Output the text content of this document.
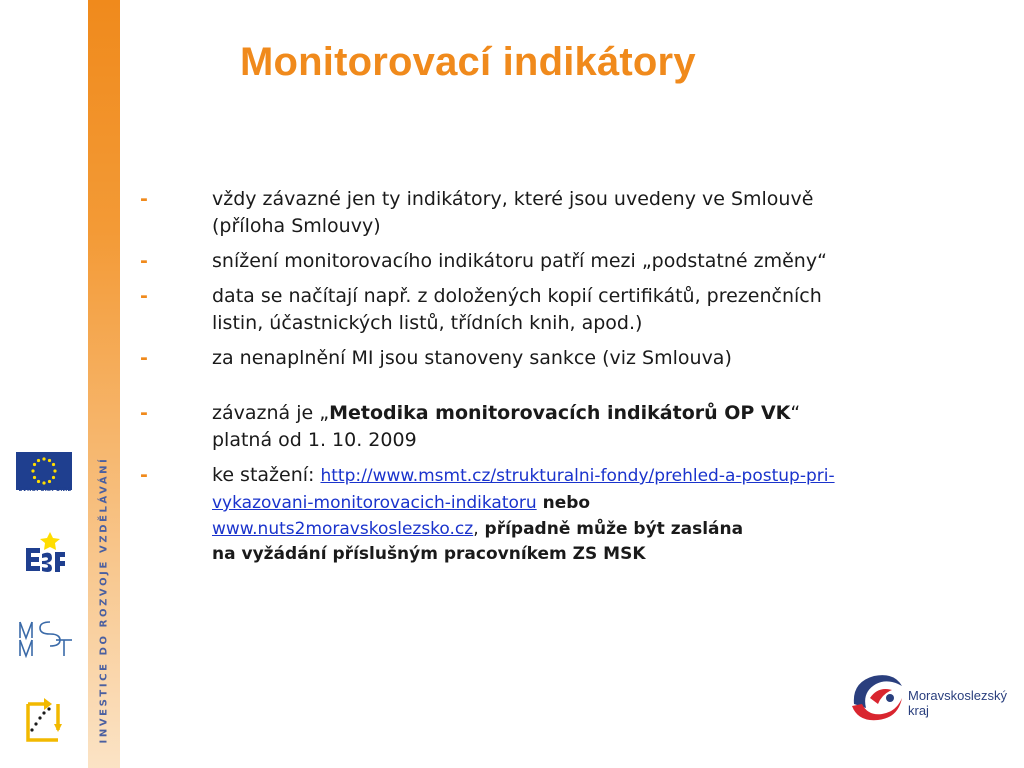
INVESTICE DO ROZVOJE VZDĚLÁVÁNÍ
EVROPSKÁ UNIE
Monitorovací indikátory
-	vždy závazné jen ty indikátory, které jsou uvedeny ve Smlouvě
(příloha Smlouvy)
-	snížení monitorovacího indikátoru patří mezi „podstatné změny“
-	data se načítají např. z doložených kopií certifikátů, prezenčních
listin, účastnických listů, třídních knih, apod.)
-	za nenaplnění MI jsou stanoveny sankce (viz Smlouva)
-	závazná je „Metodika monitorovacích indikátorů OP VK“
platná od 1. 10. 2009
-	ke stažení: http://www.msmt.cz/strukturalni-fondy/prehled-a-postup-pri-
vykazovani-monitorovacich-indikatoru nebo
www.nuts2moravskoslezsko.cz, případně může být zaslána
na vyžádání příslušným pracovníkem ZS MSK
Moravskoslezský
kraj
